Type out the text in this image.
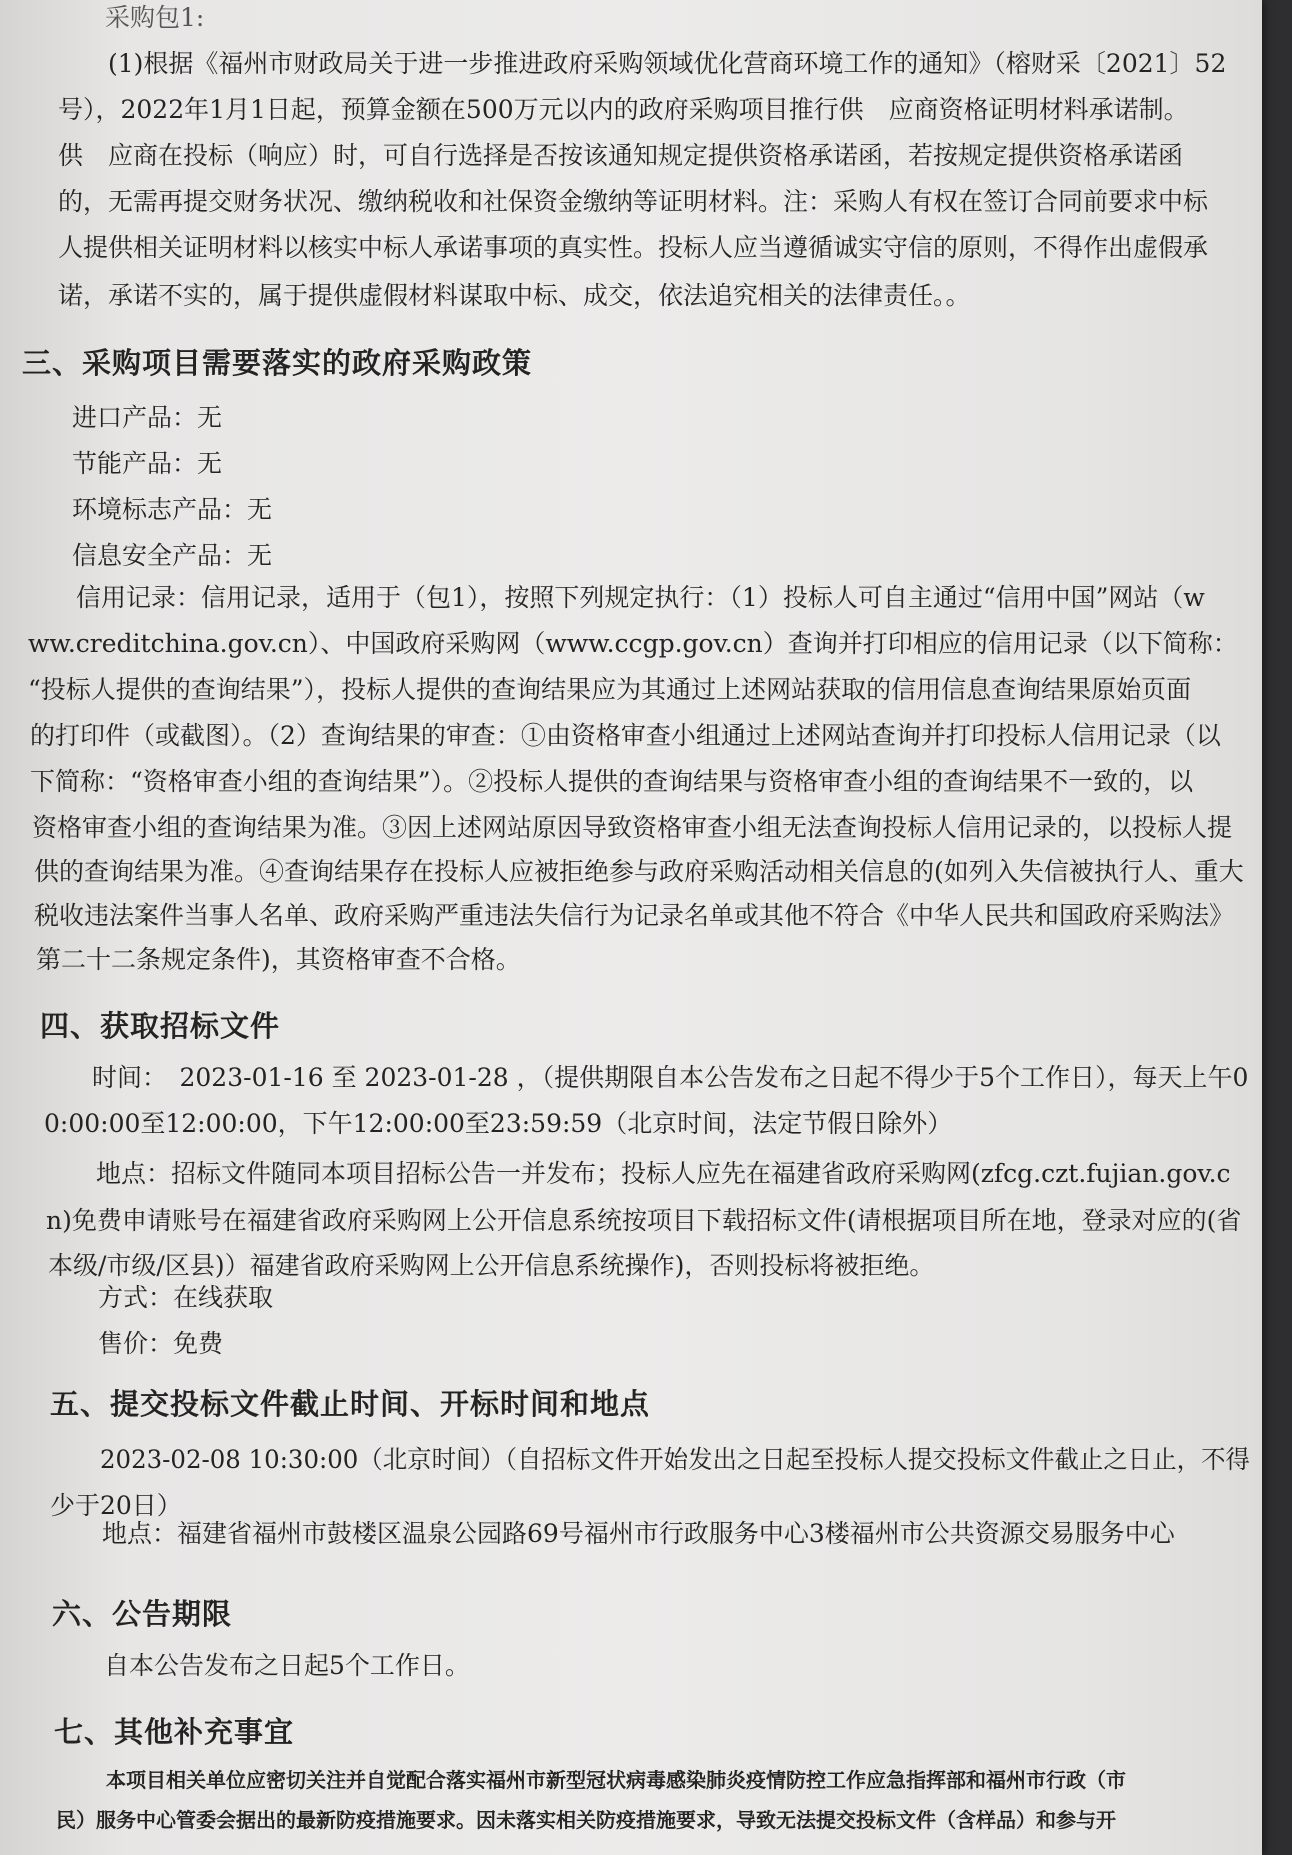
采购包1:
(1)根据《福州市财政局关于进一步推进政府采购领域优化营商环境工作的通知》（榕财采〔2021〕52
号），2022年1月1日起，预算金额在500万元以内的政府采购项目推行供　应商资格证明材料承诺制。
供　应商在投标（响应）时，可自行选择是否按该通知规定提供资格承诺函，若按规定提供资格承诺函
的，无需再提交财务状况、缴纳税收和社保资金缴纳等证明材料。注：采购人有权在签订合同前要求中标
人提供相关证明材料以核实中标人承诺事项的真实性。投标人应当遵循诚实守信的原则，不得作出虚假承
诺，承诺不实的，属于提供虚假材料谋取中标、成交，依法追究相关的法律责任。。
三、采购项目需要落实的政府采购政策
进口产品：无
节能产品：无
环境标志产品：无
信息安全产品：无
信用记录：信用记录，适用于（包1），按照下列规定执行：（1）投标人可自主通过“信用中国”网站（w
ww.creditchina.gov.cn）、中国政府采购网（www.ccgp.gov.cn）查询并打印相应的信用记录（以下简称：
“投标人提供的查询结果”），投标人提供的查询结果应为其通过上述网站获取的信用信息查询结果原始页面
的打印件（或截图）。（2）查询结果的审查：①由资格审查小组通过上述网站查询并打印投标人信用记录（以
下简称：“资格审查小组的查询结果”）。②投标人提供的查询结果与资格审查小组的查询结果不一致的，以
资格审查小组的查询结果为准。③因上述网站原因导致资格审查小组无法查询投标人信用记录的，以投标人提
供的查询结果为准。④查询结果存在投标人应被拒绝参与政府采购活动相关信息的(如列入失信被执行人、重大
税收违法案件当事人名单、政府采购严重违法失信行为记录名单或其他不符合《中华人民共和国政府采购法》
第二十二条规定条件)，其资格审查不合格。
四、获取招标文件
时间：　2023-01-16 至 2023-01-28 ，（提供期限自本公告发布之日起不得少于5个工作日），每天上午0
0:00:00至12:00:00，下午12:00:00至23:59:59（北京时间，法定节假日除外）
地点：招标文件随同本项目招标公告一并发布；投标人应先在福建省政府采购网(zfcg.czt.fujian.gov.c
n)免费申请账号在福建省政府采购网上公开信息系统按项目下载招标文件(请根据项目所在地，登录对应的(省
本级/市级/区县)）福建省政府采购网上公开信息系统操作)，否则投标将被拒绝。
方式：在线获取
售价：免费
五、提交投标文件截止时间、开标时间和地点
2023-02-08 10:30:00（北京时间）（自招标文件开始发出之日起至投标人提交投标文件截止之日止，不得
少于20日）
地点：福建省福州市鼓楼区温泉公园路69号福州市行政服务中心3楼福州市公共资源交易服务中心
六、公告期限
自本公告发布之日起5个工作日。
七、其他补充事宜
本项目相关单位应密切关注并自觉配合落实福州市新型冠状病毒感染肺炎疫情防控工作应急指挥部和福州市行政（市
民）服务中心管委会据出的最新防疫措施要求。因未落实相关防疫措施要求，导致无法提交投标文件（含样品）和参与开
